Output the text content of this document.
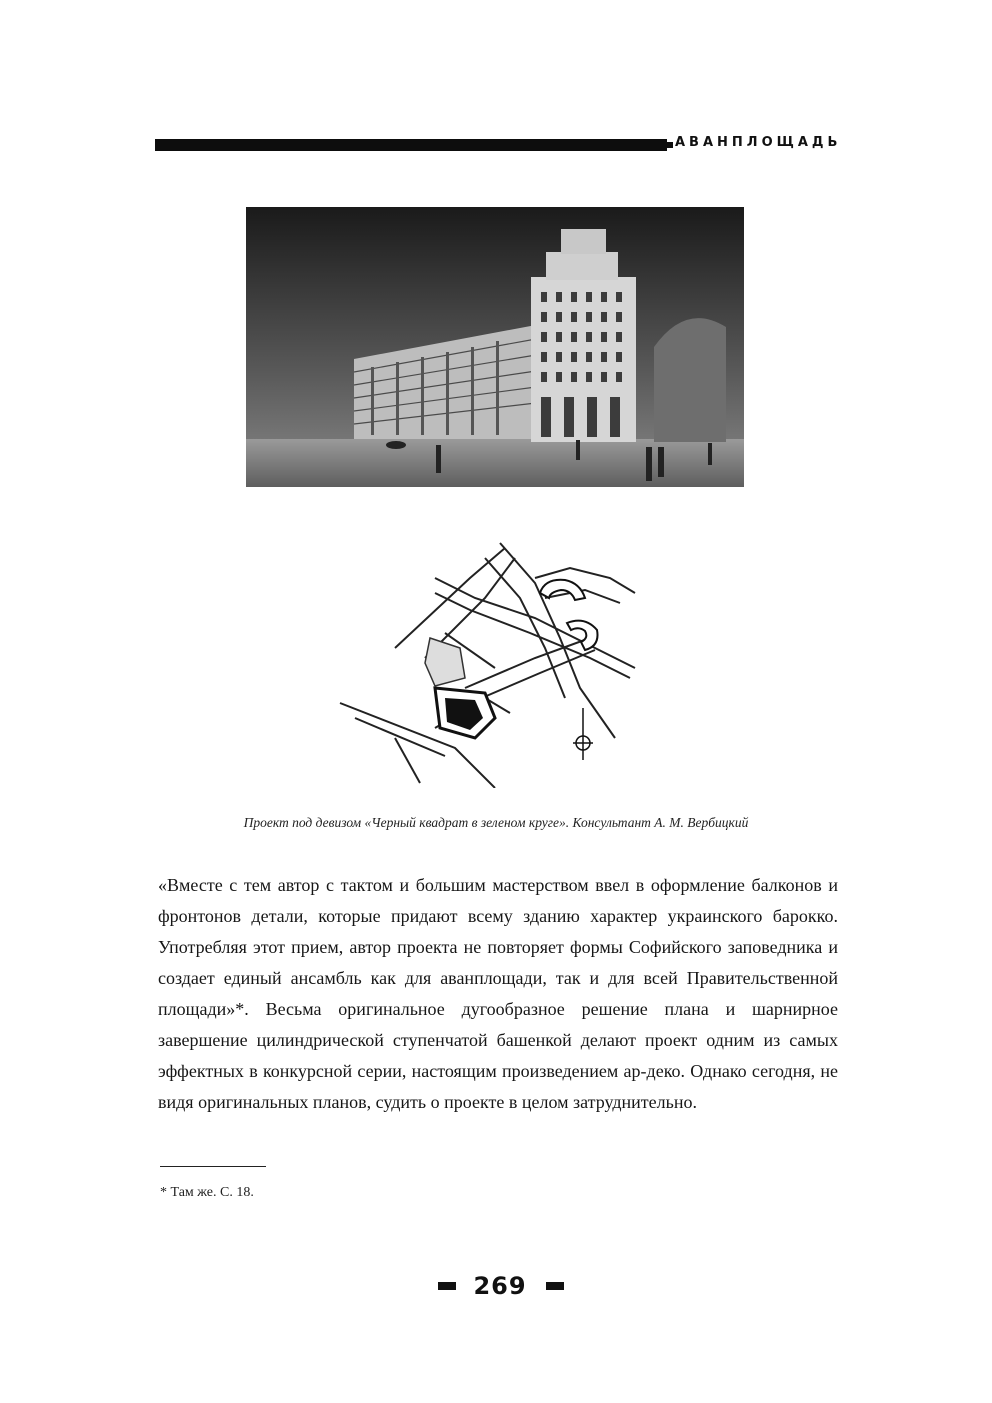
АВАНПЛОЩАДЬ
Проект под девизом «Черный квадрат в зеленом круге». Консультант А. М. Вербицкий

«Вместе с тем автор с тактом и большим мастерством ввел в оформление балконов и фронтонов детали, которые придают всему зданию характер украинского барокко. Употребляя этот прием, автор проекта не повторяет формы Софийского заповедника и создает единый ансамбль как для аванплощади, так и для всей Правительственной площади»*. Весьма оригинальное дугообразное решение плана и шарнирное завершение цилиндрической ступенчатой башенкой делают проект одним из самых эффектных в конкурсной серии, настоящим произведением ар-деко. Однако сегодня, не видя оригинальных планов, судить о проекте в целом затруднительно.

* Там же. С. 18.
269
